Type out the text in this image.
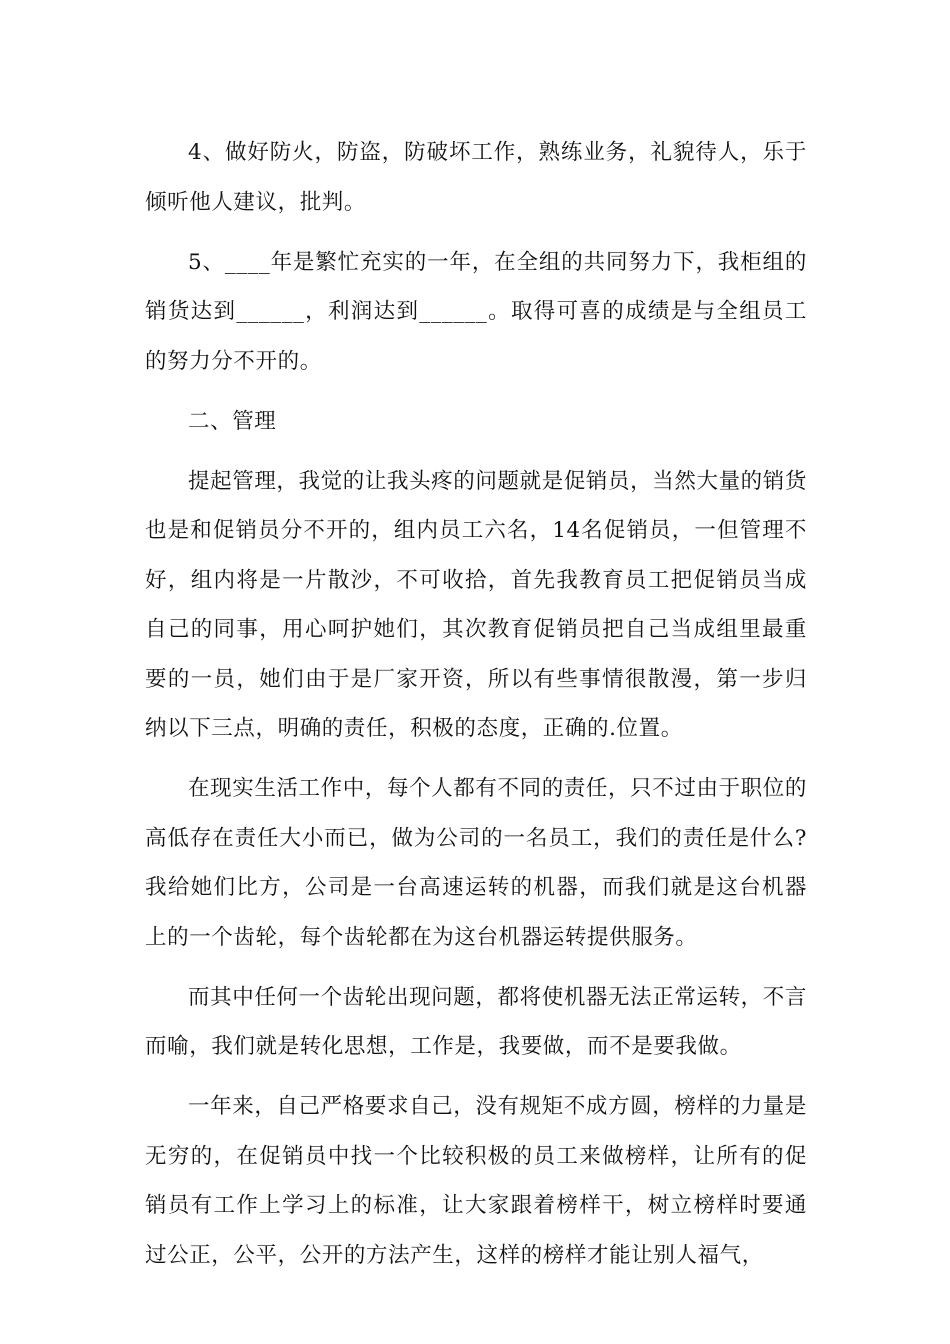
4、做好防火，防盗，防破坏工作，熟练业务，礼貌待人，乐于倾听他人建议，批判。

5、____年是繁忙充实的一年，在全组的共同努力下，我柜组的销货达到______，利润达到______。取得可喜的成绩是与全组员工的努力分不开的。

二、管理

提起管理，我觉的让我头疼的问题就是促销员，当然大量的销货也是和促销员分不开的，组内员工六名，14名促销员，一但管理不好，组内将是一片散沙，不可收拾，首先我教育员工把促销员当成自己的同事，用心呵护她们，其次教育促销员把自己当成组里最重要的一员，她们由于是厂家开资，所以有些事情很散漫，第一步归纳以下三点，明确的责任，积极的态度，正确的.位置。

在现实生活工作中，每个人都有不同的责任，只不过由于职位的高低存在责任大小而已，做为公司的一名员工，我们的责任是什么?我给她们比方，公司是一台高速运转的机器，而我们就是这台机器上的一个齿轮，每个齿轮都在为这台机器运转提供服务。

而其中任何一个齿轮出现问题，都将使机器无法正常运转，不言而喻，我们就是转化思想，工作是，我要做，而不是要我做。

一年来，自己严格要求自己，没有规矩不成方圆，榜样的力量是无穷的，在促销员中找一个比较积极的员工来做榜样，让所有的促销员有工作上学习上的标准，让大家跟着榜样干，树立榜样时要通过公正，公平，公开的方法产生，这样的榜样才能让别人福气，
